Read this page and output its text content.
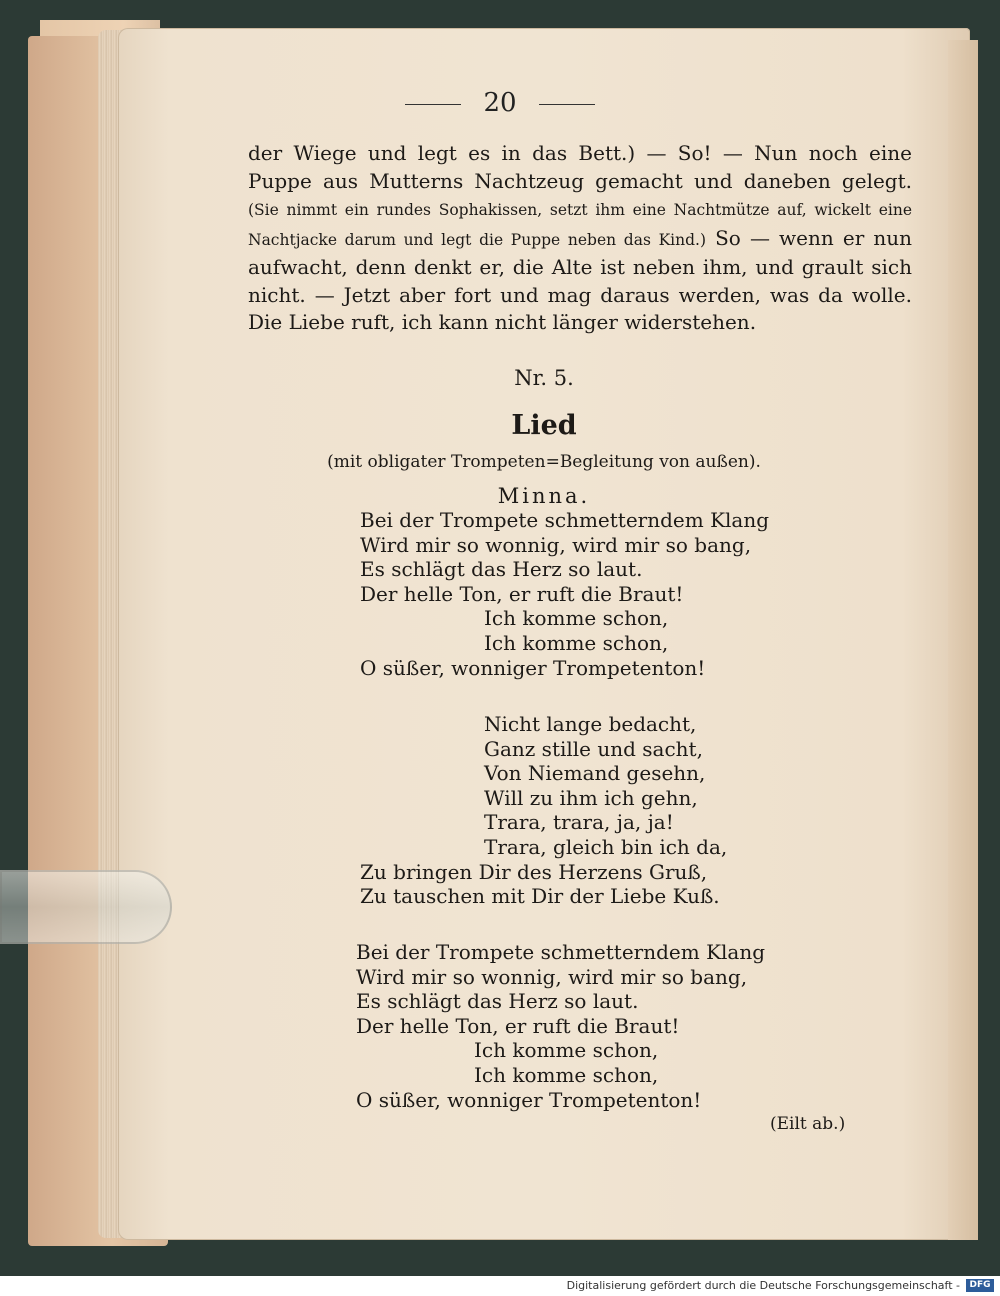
20
der Wiege und legt es in das Bett.) — So! — Nun noch eine Puppe aus Mutterns Nachtzeug gemacht und daneben gelegt. (Sie nimmt ein rundes Sophakissen, setzt ihm eine Nachtmütze auf, wickelt eine Nachtjacke darum und legt die Puppe neben das Kind.) So — wenn er nun aufwacht, denn denkt er, die Alte ist neben ihm, und grault sich nicht. — Jetzt aber fort und mag daraus werden, was da wolle. Die Liebe ruft, ich kann nicht länger widerstehen.
Nr. 5.
Lied
(mit obligater Trompeten=Begleitung von außen).
Minna.
Bei der Trompete schmetterndem Klang
Wird mir so wonnig, wird mir so bang,
Es schlägt das Herz so laut.
Der helle Ton, er ruft die Braut!
Ich komme schon,
Ich komme schon,
O süßer, wonniger Trompetenton!
Nicht lange bedacht,
Ganz stille und sacht,
Von Niemand gesehn,
Will zu ihm ich gehn,
Trara, trara, ja, ja!
Trara, gleich bin ich da,
Zu bringen Dir des Herzens Gruß,
Zu tauschen mit Dir der Liebe Kuß.
Bei der Trompete schmetterndem Klang
Wird mir so wonnig, wird mir so bang,
Es schlägt das Herz so laut.
Der helle Ton, er ruft die Braut!
Ich komme schon,
Ich komme schon,
O süßer, wonniger Trompetenton!
(Eilt ab.)
Digitalisierung gefördert durch die Deutsche Forschungsgemeinschaft -	DFG
